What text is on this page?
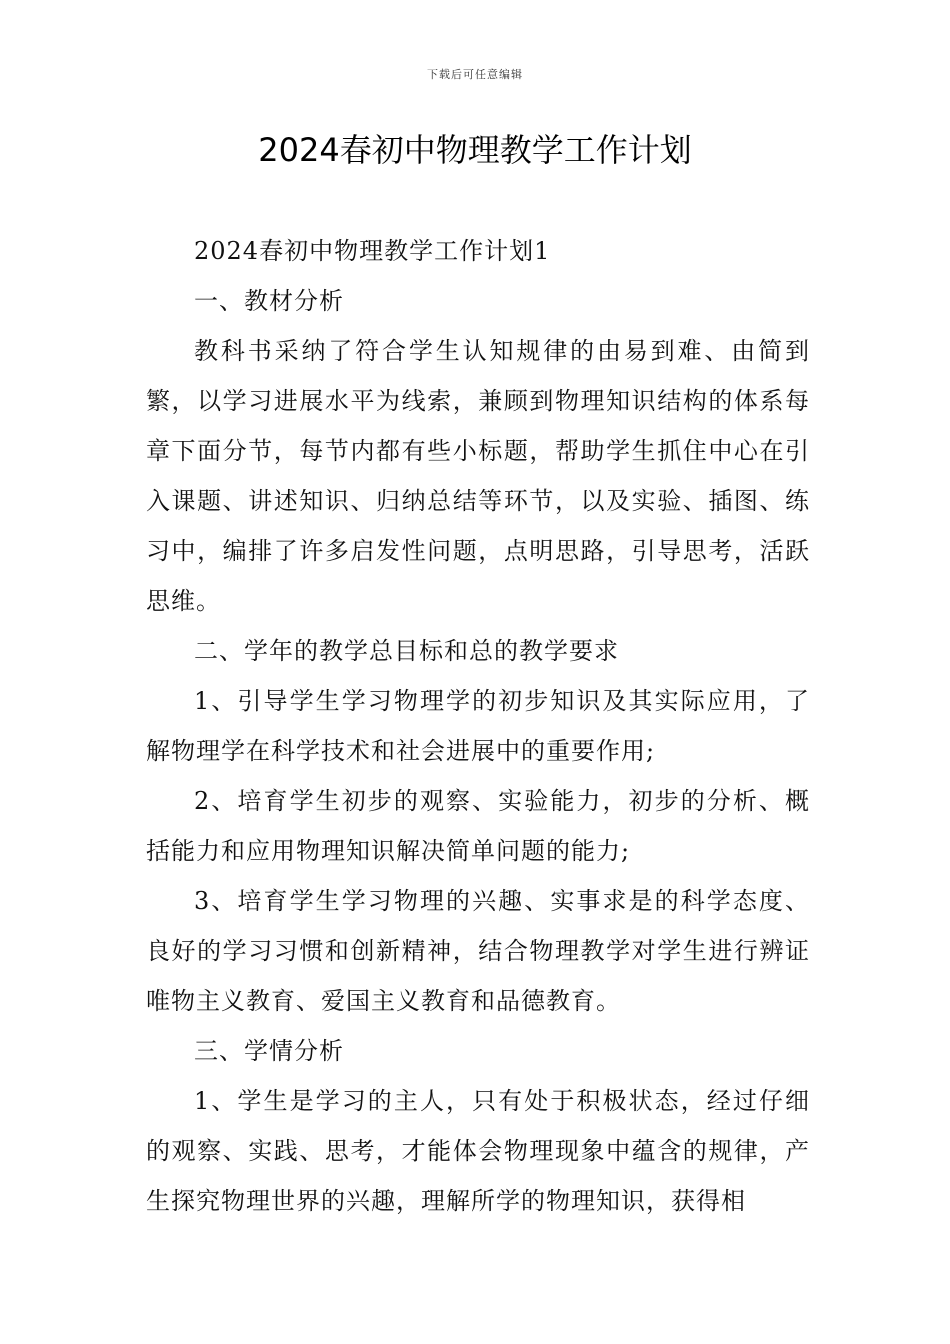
下载后可任意编辑
2024春初中物理教学工作计划

2024春初中物理教学工作计划1

一、教材分析

教科书采纳了符合学生认知规律的由易到难、由简到繁，以学习进展水平为线索，兼顾到物理知识结构的体系每章下面分节，每节内都有些小标题，帮助学生抓住中心在引入课题、讲述知识、归纳总结等环节，以及实验、插图、练习中，编排了许多启发性问题，点明思路，引导思考，活跃思维。

二、学年的教学总目标和总的教学要求

1、引导学生学习物理学的初步知识及其实际应用，了解物理学在科学技术和社会进展中的重要作用;

2、培育学生初步的观察、实验能力，初步的分析、概括能力和应用物理知识解决简单问题的能力;

3、培育学生学习物理的兴趣、实事求是的科学态度、良好的学习习惯和创新精神，结合物理教学对学生进行辨证唯物主义教育、爱国主义教育和品德教育。

三、学情分析

1、学生是学习的主人，只有处于积极状态，经过仔细的观察、实践、思考，才能体会物理现象中蕴含的规律，产生探究物理世界的兴趣，理解所学的物理知识，获得相
